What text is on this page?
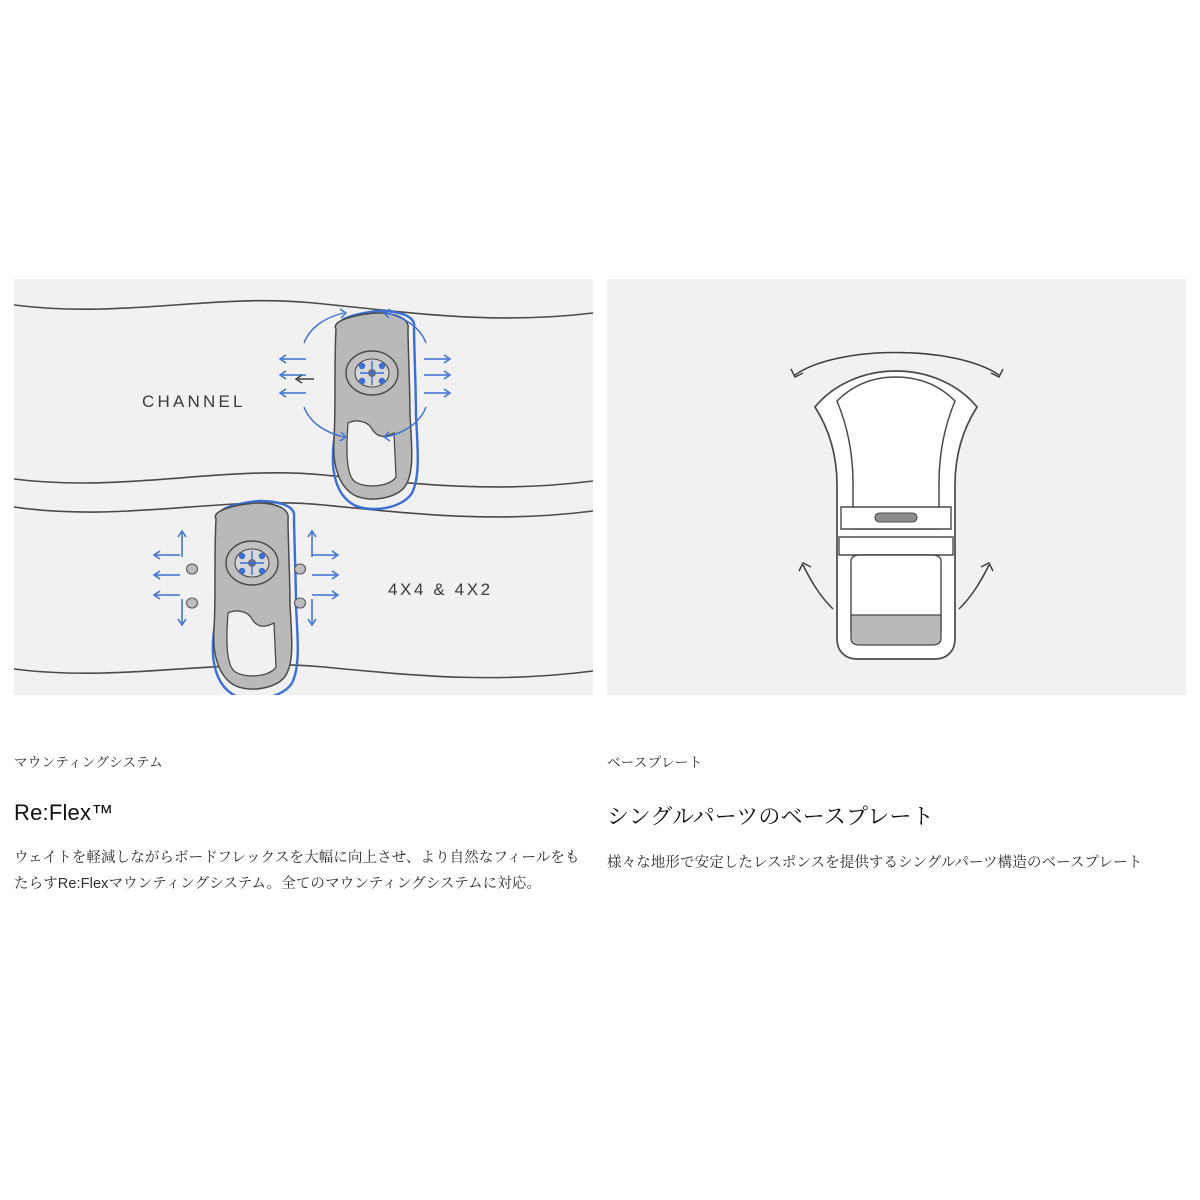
CHANNEL
4X4 & 4X2
マウンティングシステム
Re:Flex™
ウェイトを軽減しながらボードフレックスを大幅に向上させ、より自然なフィールをもたらすRe:Flexマウンティングシステム。全てのマウンティングシステムに対応。
ベースプレート
シングルパーツのベースプレート
様々な地形で安定したレスポンスを提供するシングルパーツ構造のベースプレート
